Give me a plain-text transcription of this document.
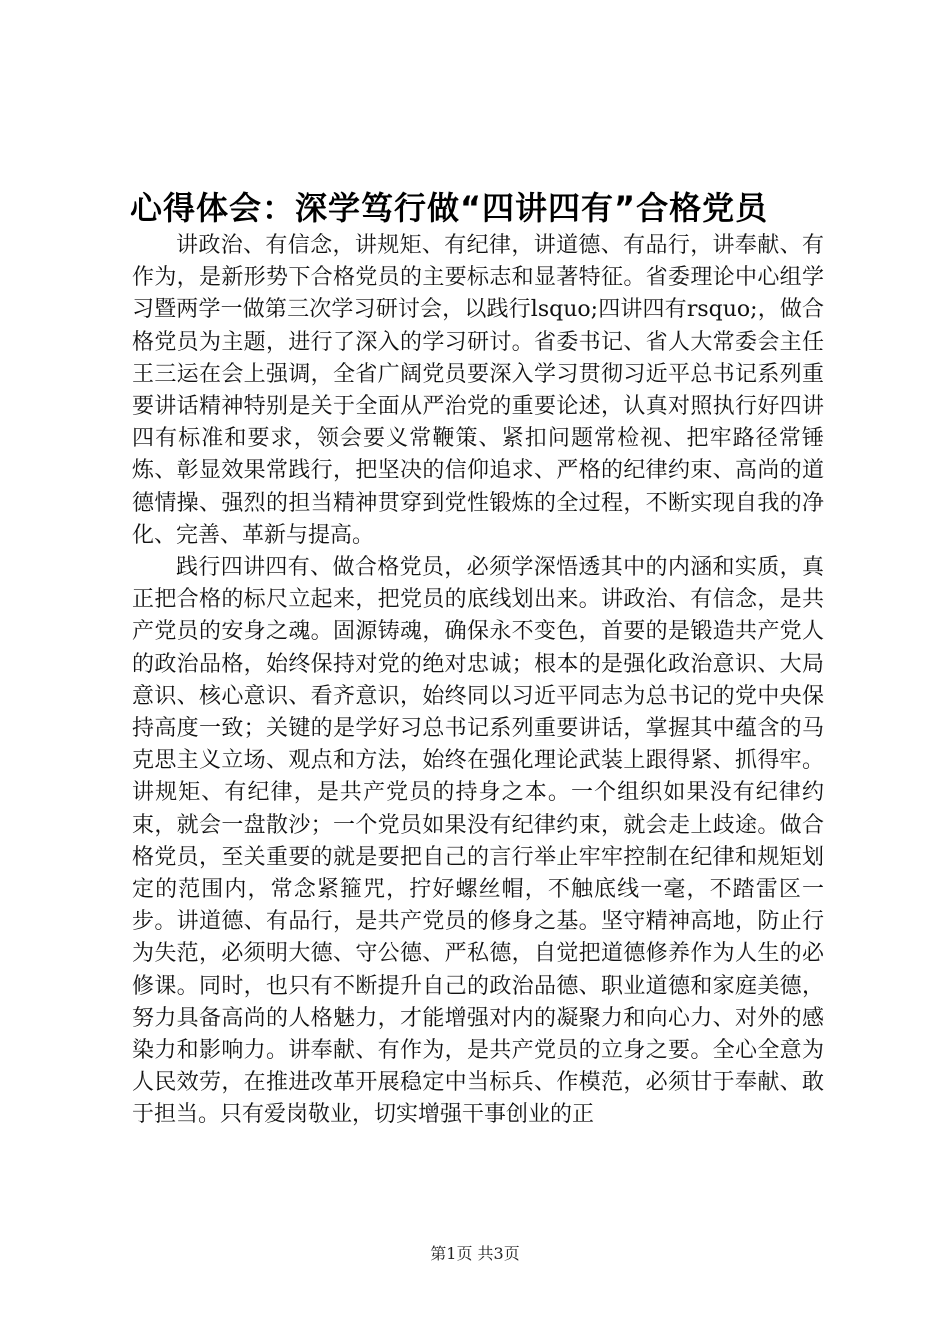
心得体会：深学笃行做“四讲四有”合格党员

讲政治、有信念，讲规矩、有纪律，讲道德、有品行，讲奉献、有作为，是新形势下合格党员的主要标志和显著特征。省委理论中心组学习暨两学一做第三次学习研讨会，以践行lsquo;四讲四有rsquo;，做合格党员为主题，进行了深入的学习研讨。省委书记、省人大常委会主任王三运在会上强调，全省广阔党员要深入学习贯彻习近平总书记系列重要讲话精神特别是关于全面从严治党的重要论述，认真对照执行好四讲四有标准和要求，领会要义常鞭策、紧扣问题常检视、把牢路径常锤炼、彰显效果常践行，把坚决的信仰追求、严格的纪律约束、高尚的道德情操、强烈的担当精神贯穿到党性锻炼的全过程，不断实现自我的净化、完善、革新与提高。

践行四讲四有、做合格党员，必须学深悟透其中的内涵和实质，真正把合格的标尺立起来，把党员的底线划出来。讲政治、有信念，是共产党员的安身之魂。固源铸魂，确保永不变色，首要的是锻造共产党人的政治品格，始终保持对党的绝对忠诚；根本的是强化政治意识、大局意识、核心意识、看齐意识，始终同以习近平同志为总书记的党中央保持高度一致；关键的是学好习总书记系列重要讲话，掌握其中蕴含的马克思主义立场、观点和方法，始终在强化理论武装上跟得紧、抓得牢。讲规矩、有纪律，是共产党员的持身之本。一个组织如果没有纪律约束，就会一盘散沙；一个党员如果没有纪律约束，就会走上歧途。做合格党员，至关重要的就是要把自己的言行举止牢牢控制在纪律和规矩划定的范围内，常念紧箍咒，拧好螺丝帽，不触底线一毫，不踏雷区一步。讲道德、有品行，是共产党员的修身之基。坚守精神高地，防止行为失范，必须明大德、守公德、严私德，自觉把道德修养作为人生的必修课。同时，也只有不断提升自己的政治品德、职业道德和家庭美德，努力具备高尚的人格魅力，才能增强对内的凝聚力和向心力、对外的感染力和影响力。讲奉献、有作为，是共产党员的立身之要。全心全意为人民效劳，在推进改革开展稳定中当标兵、作模范，必须甘于奉献、敢于担当。只有爱岗敬业，切实增强干事创业的正

第1页 共3页
